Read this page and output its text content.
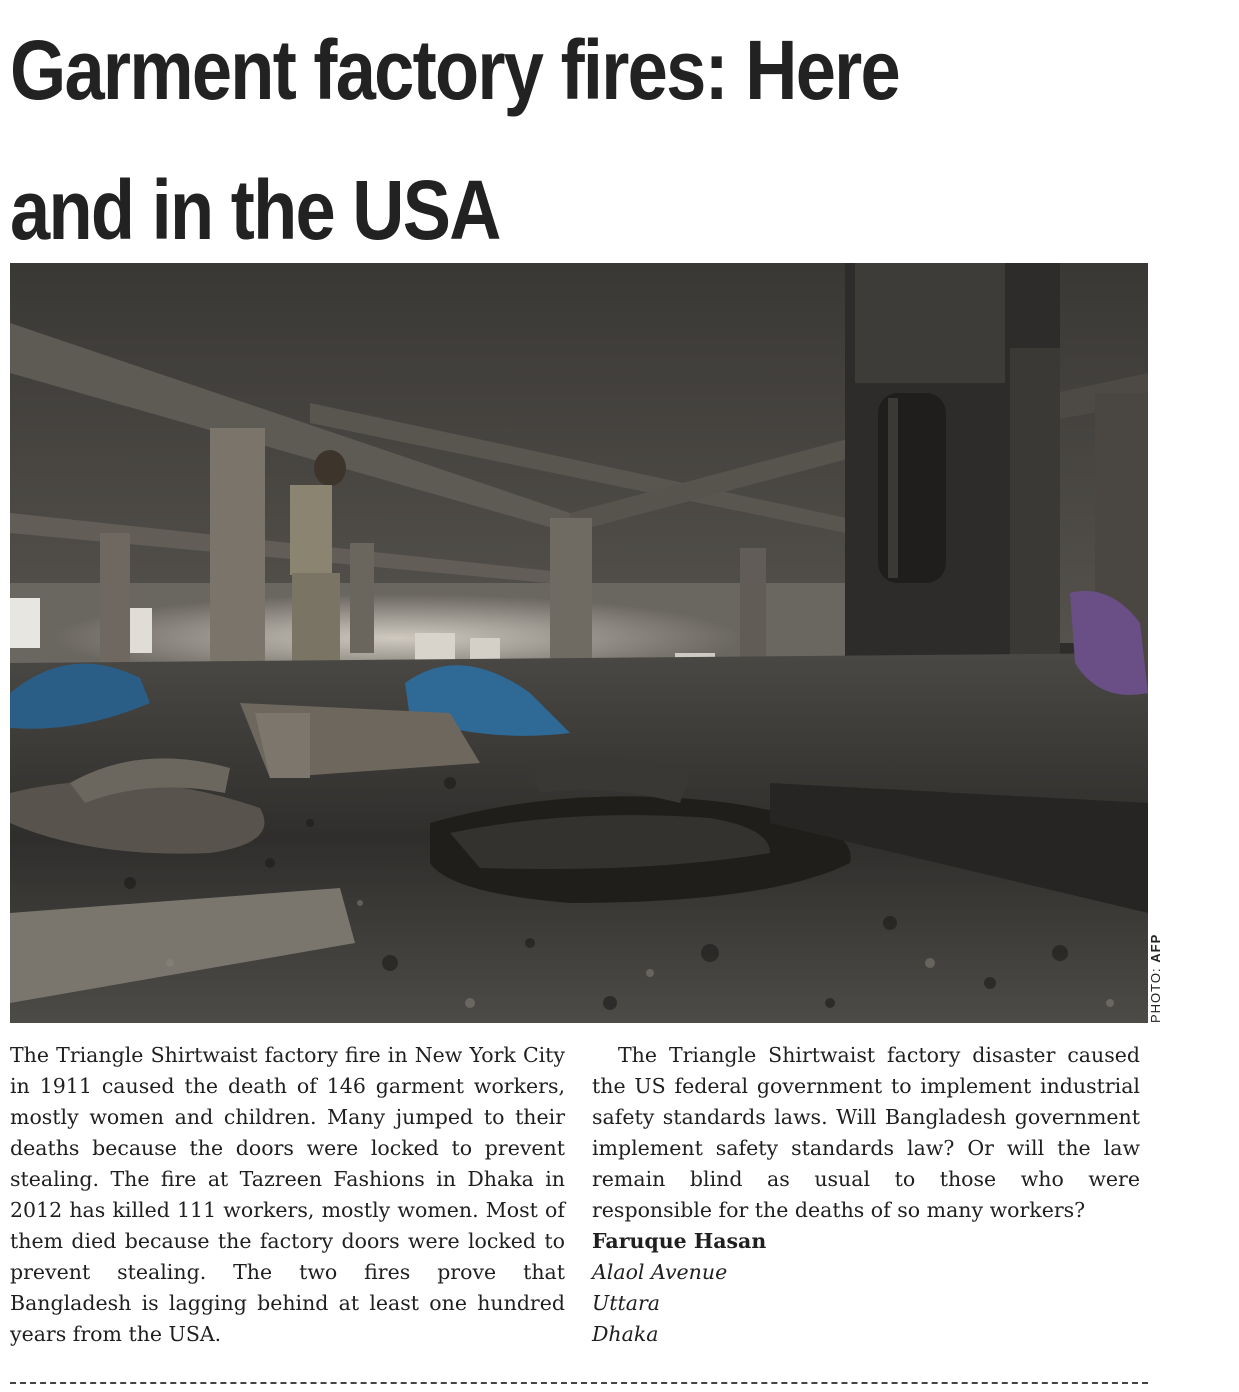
Garment factory fires: Here
and in the USA
PHOTO: AFP

The Triangle Shirtwaist factory fire in New York City in 1911 caused the death of 146 garment workers, mostly women and children. Many jumped to their deaths because the doors were locked to prevent stealing. The fire at Tazreen Fashions in Dhaka in 2012 has killed 111 workers, mostly women. Most of them died because the factory doors were locked to prevent stealing. The two fires prove that Bangladesh is lagging behind at least one hundred years from the USA.

The Triangle Shirtwaist factory disaster caused the US federal government to implement industrial safety standards laws. Will Bangladesh government implement safety standards law? Or will the law remain blind as usual to those who were responsible for the deaths of so many workers?

Faruque Hasan

Alaol Avenue

Uttara

Dhaka
